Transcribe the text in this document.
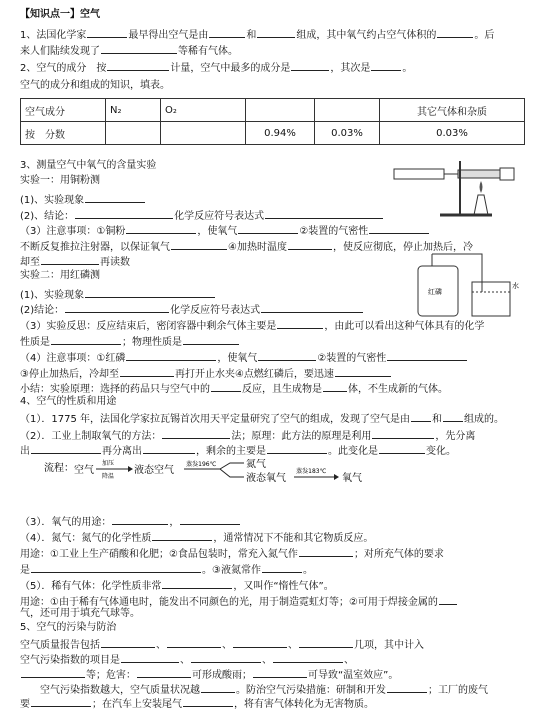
【知识点一】空气
1、法国化学家	最早得出空气是由	和	组成，其中氧气约占空气体积的	。后
来人们陆续发现了	等稀有气体。
2、空气的成分　按	计量，空气中最多的成分是	，其次是	。
空气的成分和组成的知识，填表。
空气成分	N₂	O₂			其它气体和杂质
按　分数			0.94%	0.03%	0.03%
3、测量空气中氧气的含量实验
实验一：用铜粉测
(1)、实验现象
(2)、结论：	化学反应符号表达式
（3）注意事项：①铜粉	，使氧气	②装置的气密性
不断反复推拉注射器，以保证氧气	④加热时温度	，使反应彻底，停止加热后，冷
却至	再读数
实验二：用红磷测
(1)、实验现象
(2)结论：	化学反应符号表达式
（3）实验反思：反应结束后，密闭容器中剩余气体主要是	，由此可以看出这种气体具有的化学
性质是	；物理性质是
（4）注意事项：①红磷	，使氧气	②装置的气密性
③停止加热后，冷却至	再打开止水夹④点燃红磷后，要迅速
小结：实验原理：选择的药品只与空气中的	反应，且生成物是	体，不生成新的气体。
4、空气的性质和用途
（1）．1775 年，法国化学家拉瓦锡首次用天平定量研究了空气的组成，发现了空气是由 和 组成的。
（2）．工业上制取氧气的方法：	法；原理：此方法的原理是利用	，先分离
出	再分离出	，剩余的主要是	。此变化是	变化。
流程： 空气
加压
降温
液态空气
蒸发
-196℃	氮气
液态氧气
蒸发
-183℃
氧气
（3）．氧气的用途：	，
（4）．氮气：氮气的化学性质	，通常情况下不能和其它物质反应。
用途：①工业上生产硝酸和化肥；②食品包装时，常充入氮气作	；对所充气体的要求
是	。③液氮常作	。
（5）．稀有气体：化学性质非常	，又叫作“惰性气体”。
用途：①由于稀有气体通电时，能发出不同颜色的光，用于制造霓虹灯等；②可用于焊接金属的
气，还可用于填充气球等。
5、空气的污染与防治
空气质量报告包括	、	、	、	几项，其中计入
空气污染指数的项目是	、	、	、
等；危害：	可形成酸雨；	可导致“温室效应”。
空气污染指数越大，空气质量状况越	。防治空气污染措施：研制和开发	；工厂的废气
要	；在汽车上安装尾气	，将有害气体转化为无害物质。
红磷
水
